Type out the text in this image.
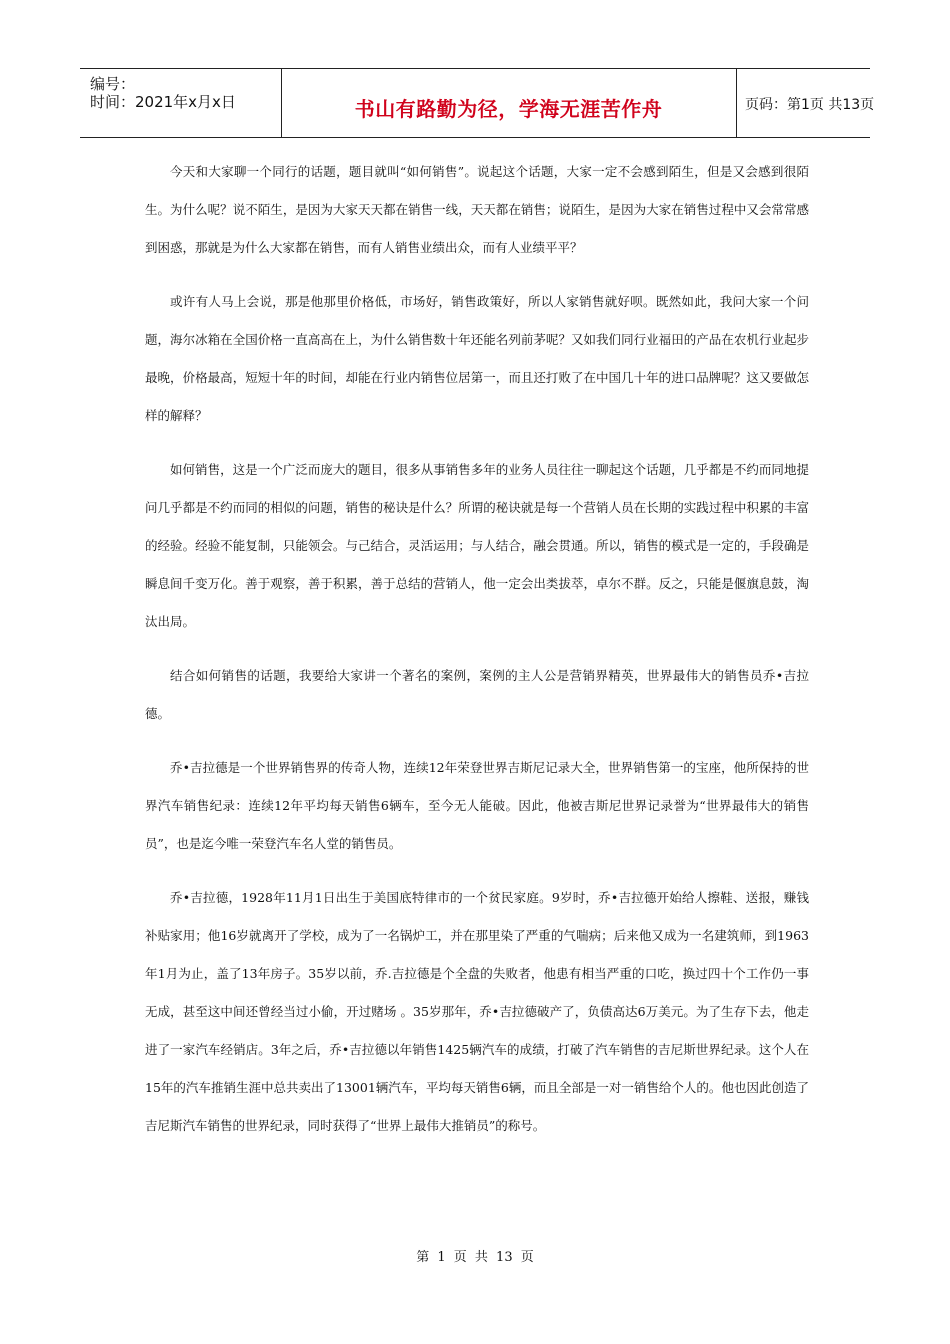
编号：
时间：2021年x月x日	书山有路勤为径，学海无涯苦作舟	页码：第1页 共13页

今天和大家聊一个同行的话题，题目就叫“如何销售”。说起这个话题，大家一定不会感到陌生，但是又会感到很陌生。为什么呢？说不陌生，是因为大家天天都在销售一线，天天都在销售；说陌生，是因为大家在销售过程中又会常常感到困惑，那就是为什么大家都在销售，而有人销售业绩出众，而有人业绩平平？

或许有人马上会说，那是他那里价格低，市场好，销售政策好，所以人家销售就好呗。既然如此，我问大家一个问题，海尔冰箱在全国价格一直高高在上，为什么销售数十年还能名列前茅呢？又如我们同行业福田的产品在农机行业起步最晚，价格最高，短短十年的时间，却能在行业内销售位居第一，而且还打败了在中国几十年的进口品牌呢？这又要做怎样的解释？

如何销售，这是一个广泛而庞大的题目，很多从事销售多年的业务人员往往一聊起这个话题，几乎都是不约而同地提问几乎都是不约而同的相似的问题，销售的秘诀是什么？所谓的秘诀就是每一个营销人员在长期的实践过程中积累的丰富的经验。经验不能复制，只能领会。与己结合，灵活运用；与人结合，融会贯通。所以，销售的模式是一定的，手段确是瞬息间千变万化。善于观察，善于积累，善于总结的营销人，他一定会出类拔萃，卓尔不群。反之，只能是偃旗息鼓，淘汰出局。

结合如何销售的话题，我要给大家讲一个著名的案例，案例的主人公是营销界精英，世界最伟大的销售员乔•吉拉德。

乔•吉拉德是一个世界销售界的传奇人物，连续12年荣登世界吉斯尼记录大全，世界销售第一的宝座，他所保持的世界汽车销售纪录：连续12年平均每天销售6辆车，至今无人能破。因此，他被吉斯尼世界记录誉为“世界最伟大的销售员”，也是迄今唯一荣登汽车名人堂的销售员。

乔•吉拉德，1928年11月1日出生于美国底特律市的一个贫民家庭。9岁时，乔•吉拉德开始给人擦鞋、送报，赚钱补贴家用；他16岁就离开了学校，成为了一名锅炉工，并在那里染了严重的气喘病；后来他又成为一名建筑师，到1963年1月为止，盖了13年房子。35岁以前，乔.吉拉德是个全盘的失败者，他患有相当严重的口吃，换过四十个工作仍一事无成，甚至这中间还曾经当过小偷，开过赌场 。35岁那年，乔•吉拉德破产了，负债高达6万美元。为了生存下去，他走进了一家汽车经销店。3年之后，乔•吉拉德以年销售1425辆汽车的成绩，打破了汽车销售的吉尼斯世界纪录。这个人在15年的汽车推销生涯中总共卖出了13001辆汽车，平均每天销售6辆，而且全部是一对一销售给个人的。他也因此创造了吉尼斯汽车销售的世界纪录，同时获得了“世界上最伟大推销员”的称号。

第 1 页 共 13 页
